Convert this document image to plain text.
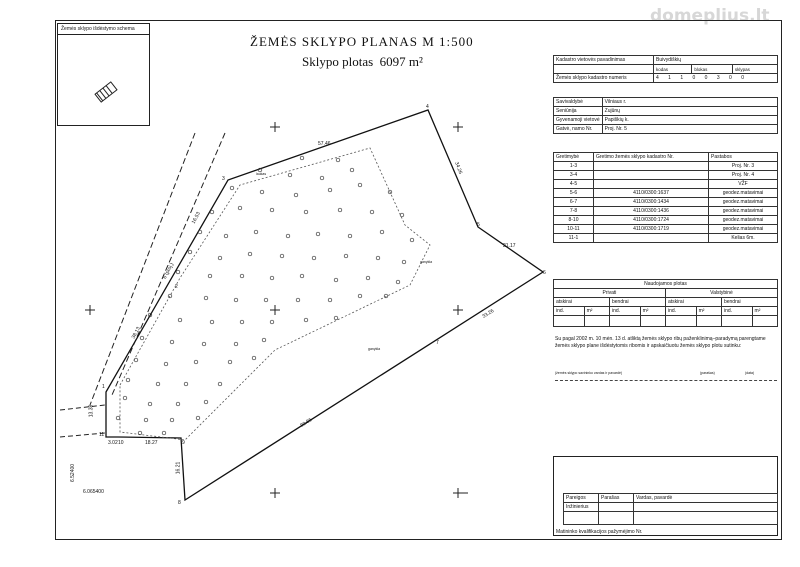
domeplius.lt
Žemės sklypo išdėstymo schema
ŽEMĖS SKLYPO PLANAS M 1:500
Sklypo plotas 6097 m²
57.46
34.26
21.17
33.26
80.86
18.27
3.02
16.21
13.38
38.13
16.53
6 (proj.)
1
2
3
4
5
6
7
8
9
10
11
6.52400
6.065400
laukas
ganykla
ganykla
Kadastro vietovės pavadinimas	Buivydiškių		
	kodas	blokas	sklypas
Žemės sklypo kadastro numeris	4 1 1 0 0 3 0 0		
Savivaldybė	Vilniaus r.
Seniūnija	Zujūnų
Gyvenamoji vietovė	Papiškių k.
Gatvė, namo Nr.	Proj. Nr. 5
Gretimybė	Gretimo žemės sklypo kadastro Nr.	Pastabos
1-3		Proj. Nr. 3
3-4		Proj. Nr. 4
4-5		VŽF
5-6	4110/0300:1637	geodez.matavimai
6-7	4110/0300:1434	geodez.matavimai
7-8	4110/0300:1436	geodez.matavimai
8-10	4110/0300:1724	geodez.matavimai
10-11	4110/0300:1719	geodez.matavimai
11-1		Kelias 6m.
Naudojamos plotas							
Privati				Valstybinė			
atskirai		bendrai		atskirai		bendrai	
ind.	m²	ind.	m²	ind.	m²	ind.	m²

Su pagal 2002 m. 10 mėn. 13 d. atliktą žemės sklypo ribų paženklinimą–paradymą parengtame žemės sklypo plane išdėstytomis ribomis ir apskaičiuotu žemės sklypo plotu sutinku:
(žemės sklypo savininko vardas ir pavardė)	(parašas)	(data)
Pareigos	Parašas	Vardas, pavardė
Inžinierius		

Matininko kvalifikacijos pažymėjimo Nr.
